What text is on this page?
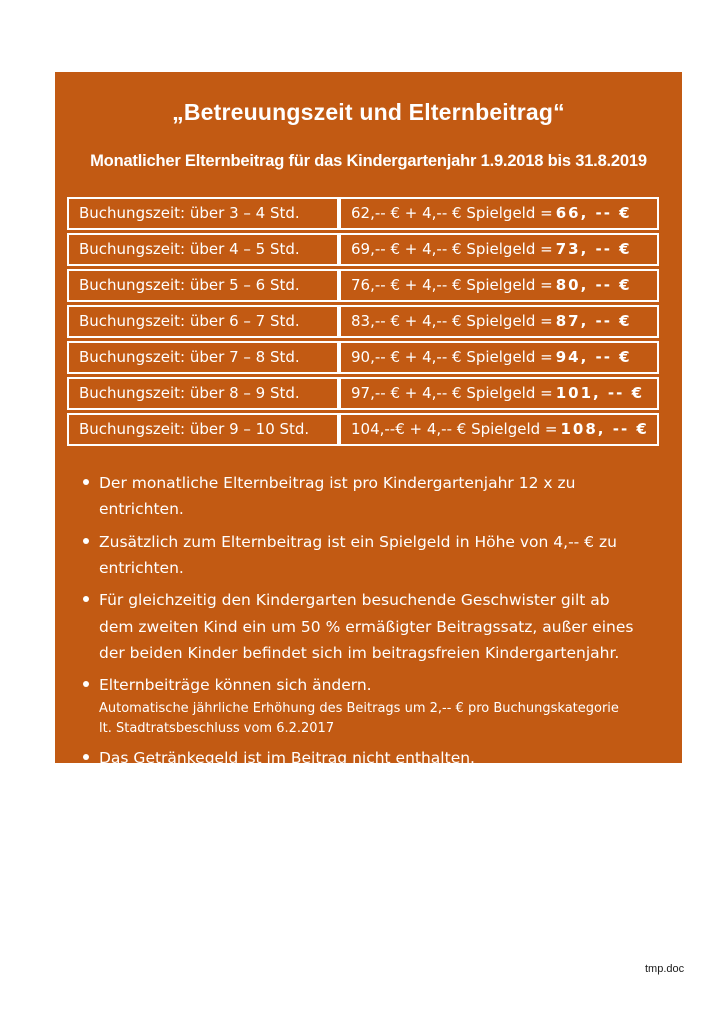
„Betreuungszeit und Elternbeitrag“
Monatlicher Elternbeitrag für das Kindergartenjahr 1.9.2018 bis 31.8.2019
Buchungszeit: über 3 – 4 Std.	62,-- € + 4,-- € Spielgeld = 66, -- €
Buchungszeit: über 4 – 5 Std.	69,-- € + 4,-- € Spielgeld = 73, -- €
Buchungszeit: über 5 – 6 Std.	76,-- € + 4,-- € Spielgeld = 80, -- €
Buchungszeit: über 6 – 7 Std.	83,-- € + 4,-- € Spielgeld = 87, -- €
Buchungszeit: über 7 – 8 Std.	90,-- € + 4,-- € Spielgeld = 94, -- €
Buchungszeit: über 8 – 9 Std.	97,-- € + 4,-- € Spielgeld = 101, -- €
Buchungszeit: über 9 – 10 Std.	104,--€ + 4,-- € Spielgeld = 108, -- €
Der monatliche Elternbeitrag ist pro Kindergartenjahr 12 x zu entrichten.
Zusätzlich zum Elternbeitrag ist ein Spielgeld in Höhe von 4,-- € zu entrichten.
Für gleichzeitig den Kindergarten besuchende Geschwister gilt ab dem zweiten Kind ein um 50 % ermäßigter Beitragssatz, außer eines der beiden Kinder befindet sich im beitragsfreien Kindergartenjahr.
Elternbeiträge können sich ändern.
Automatische jährliche Erhöhung des Beitrags um 2,-- € pro Buchungskategorie
lt. Stadtratsbeschluss vom 6.2.2017
Das Getränkegeld ist im Beitrag nicht enthalten.
tmp.doc
